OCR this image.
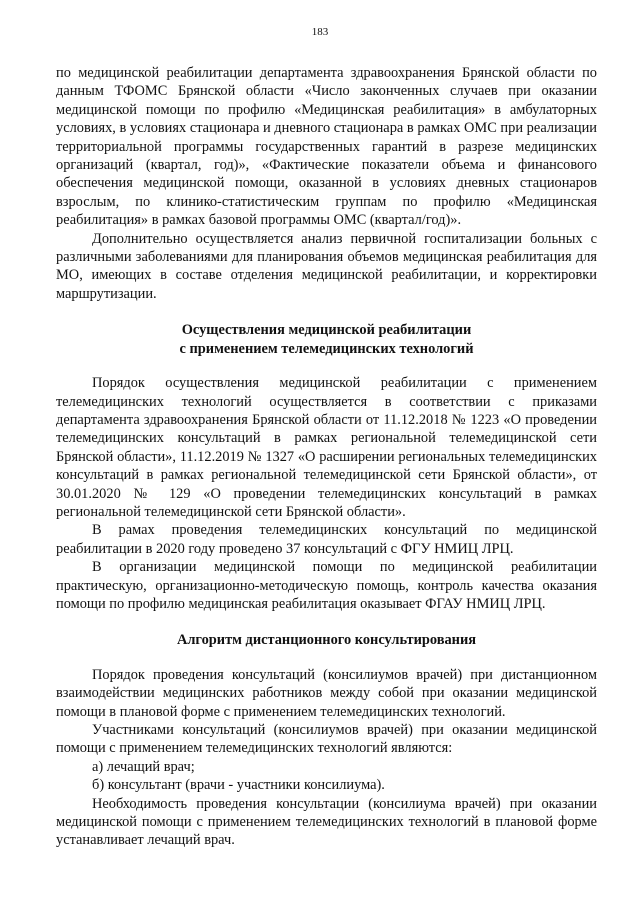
183

по медицинской реабилитации департамента здравоохранения Брянской области по данным ТФОМС Брянской области «Число законченных случаев при оказании медицинской помощи по профилю «Медицинская реабилитация» в амбулаторных условиях, в условиях стационара и дневного стационара в рамках ОМС при реализации территориальной программы государственных гарантий в разрезе медицинских организаций (квартал, год)», «Фактические показатели объема и финансового обеспечения медицинской помощи, оказанной в условиях дневных стационаров взрослым, по клинико-статистическим группам по профилю «Медицинская реабилитация» в рамках базовой программы ОМС (квартал/год)».

Дополнительно осуществляется анализ первичной госпитализации больных с различными заболеваниями для планирования объемов медицинская реабилитация для МО, имеющих в составе отделения медицинской реабилитации, и корректировки маршрутизации.

Осуществления медицинской реабилитации
с применением телемедицинских технологий

Порядок осуществления медицинской реабилитации с применением телемедицинских технологий осуществляется в соответствии с приказами департамента здравоохранения Брянской области от 11.12.2018 № 1223 «О проведении телемедицинских консультаций в рамках региональной телемедицинской сети Брянской области», 11.12.2019 № 1327 «О расширении региональных телемедицинских консультаций в рамках региональной телемедицинской сети Брянской области», от 30.01.2020 № 129 «О проведении телемедицинских консультаций в рамках региональной телемедицинской сети Брянской области».

В рамах проведения телемедицинских консультаций по медицинской реабилитации в 2020 году проведено 37 консультаций с ФГУ НМИЦ ЛРЦ.

В организации медицинской помощи по медицинской реабилитации практическую, организационно-методическую помощь, контроль качества оказания помощи по профилю медицинская реабилитация оказывает ФГАУ НМИЦ ЛРЦ.

Алгоритм дистанционного консультирования

Порядок проведения консультаций (консилиумов врачей) при дистанционном взаимодействии медицинских работников между собой при оказании медицинской помощи в плановой форме с применением телемедицинских технологий.

Участниками консультаций (консилиумов врачей) при оказании медицинской помощи с применением телемедицинских технологий являются:

а) лечащий врач;

б) консультант (врачи - участники консилиума).

Необходимость проведения консультации (консилиума врачей) при оказании медицинской помощи с применением телемедицинских технологий в плановой форме устанавливает лечащий врач.
